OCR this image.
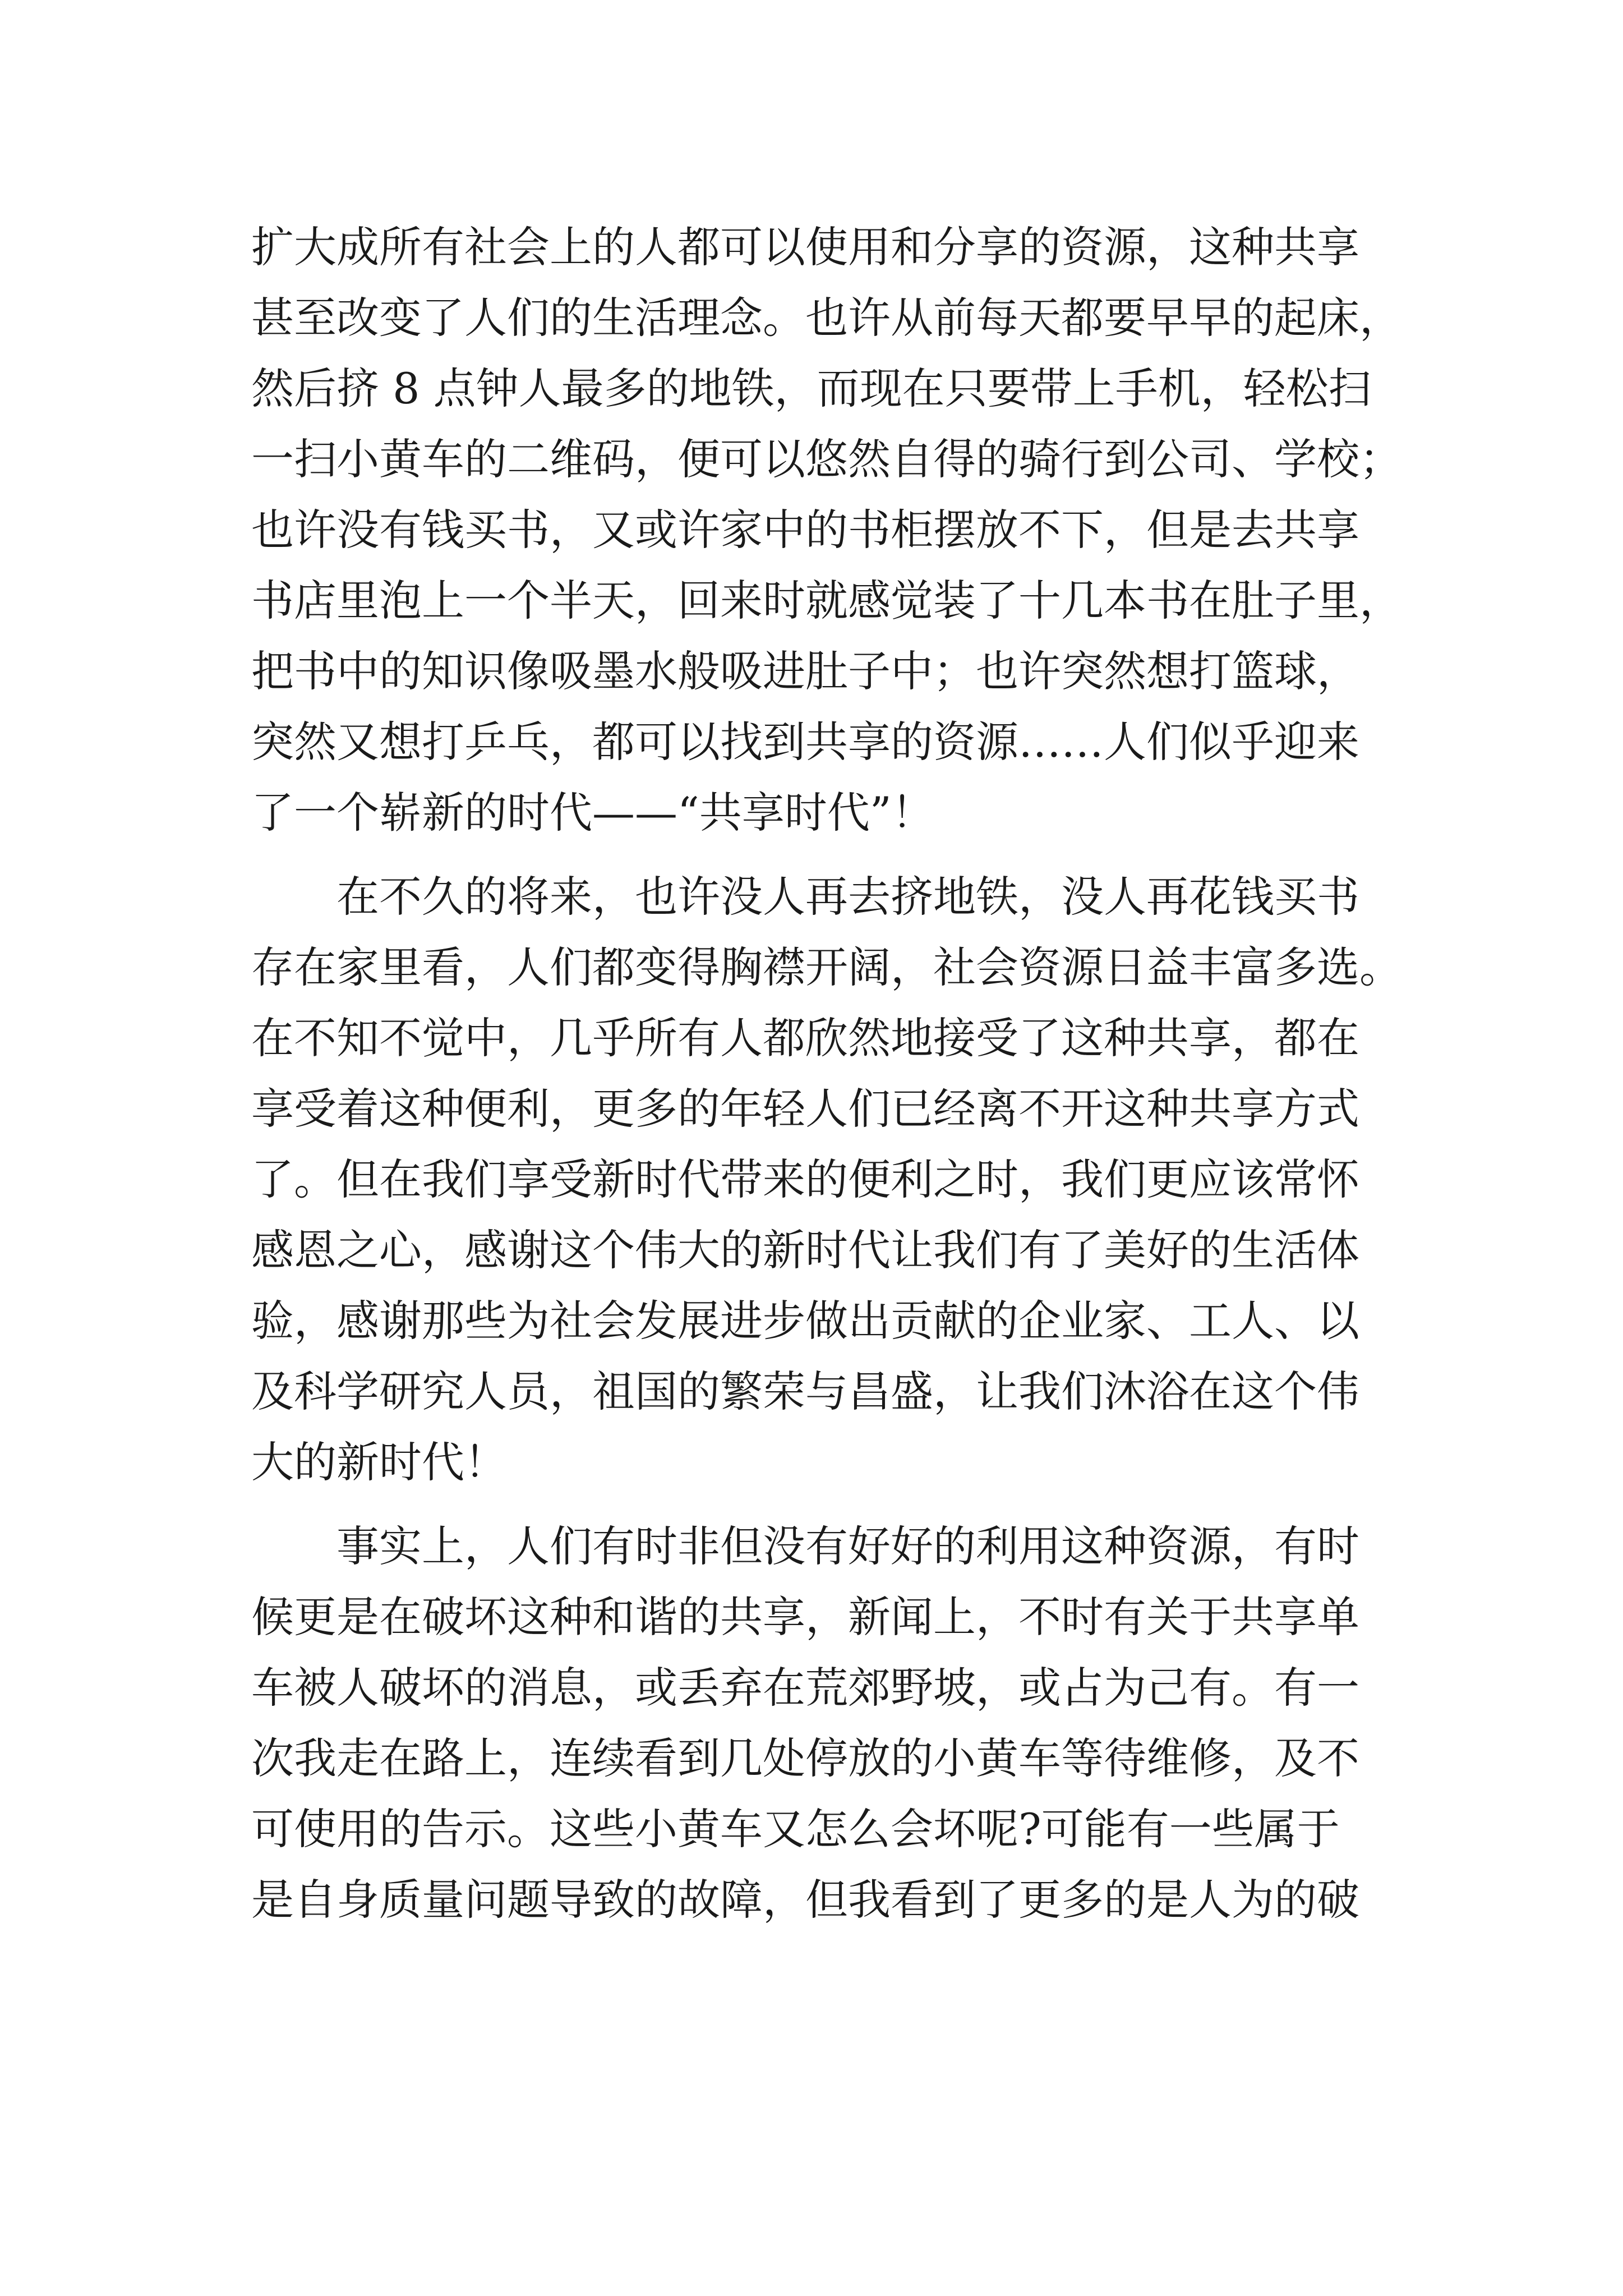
扩大成所有社会上的人都可以使用和分享的资源，这种共享
甚至改变了人们的生活理念。也许从前每天都要早早的起床，
然后挤 8 点钟人最多的地铁，而现在只要带上手机，轻松扫
一扫小黄车的二维码，便可以悠然自得的骑行到公司、学校；
也许没有钱买书，又或许家中的书柜摆放不下，但是去共享
书店里泡上一个半天，回来时就感觉装了十几本书在肚子里，
把书中的知识像吸墨水般吸进肚子中；也许突然想打篮球，
突然又想打乒乓，都可以找到共享的资源……人们似乎迎来
了一个崭新的时代——“共享时代”！
　　在不久的将来，也许没人再去挤地铁，没人再花钱买书
存在家里看，人们都变得胸襟开阔，社会资源日益丰富多选。
在不知不觉中，几乎所有人都欣然地接受了这种共享，都在
享受着这种便利，更多的年轻人们已经离不开这种共享方式
了。但在我们享受新时代带来的便利之时，我们更应该常怀
感恩之心，感谢这个伟大的新时代让我们有了美好的生活体
验，感谢那些为社会发展进步做出贡献的企业家、工人、以
及科学研究人员，祖国的繁荣与昌盛，让我们沐浴在这个伟
大的新时代！
　　事实上，人们有时非但没有好好的利用这种资源，有时
候更是在破坏这种和谐的共享，新闻上，不时有关于共享单
车被人破坏的消息，或丢弃在荒郊野坡，或占为己有。有一
次我走在路上，连续看到几处停放的小黄车等待维修，及不
可使用的告示。这些小黄车又怎么会坏呢?可能有一些属于
是自身质量问题导致的故障，但我看到了更多的是人为的破
